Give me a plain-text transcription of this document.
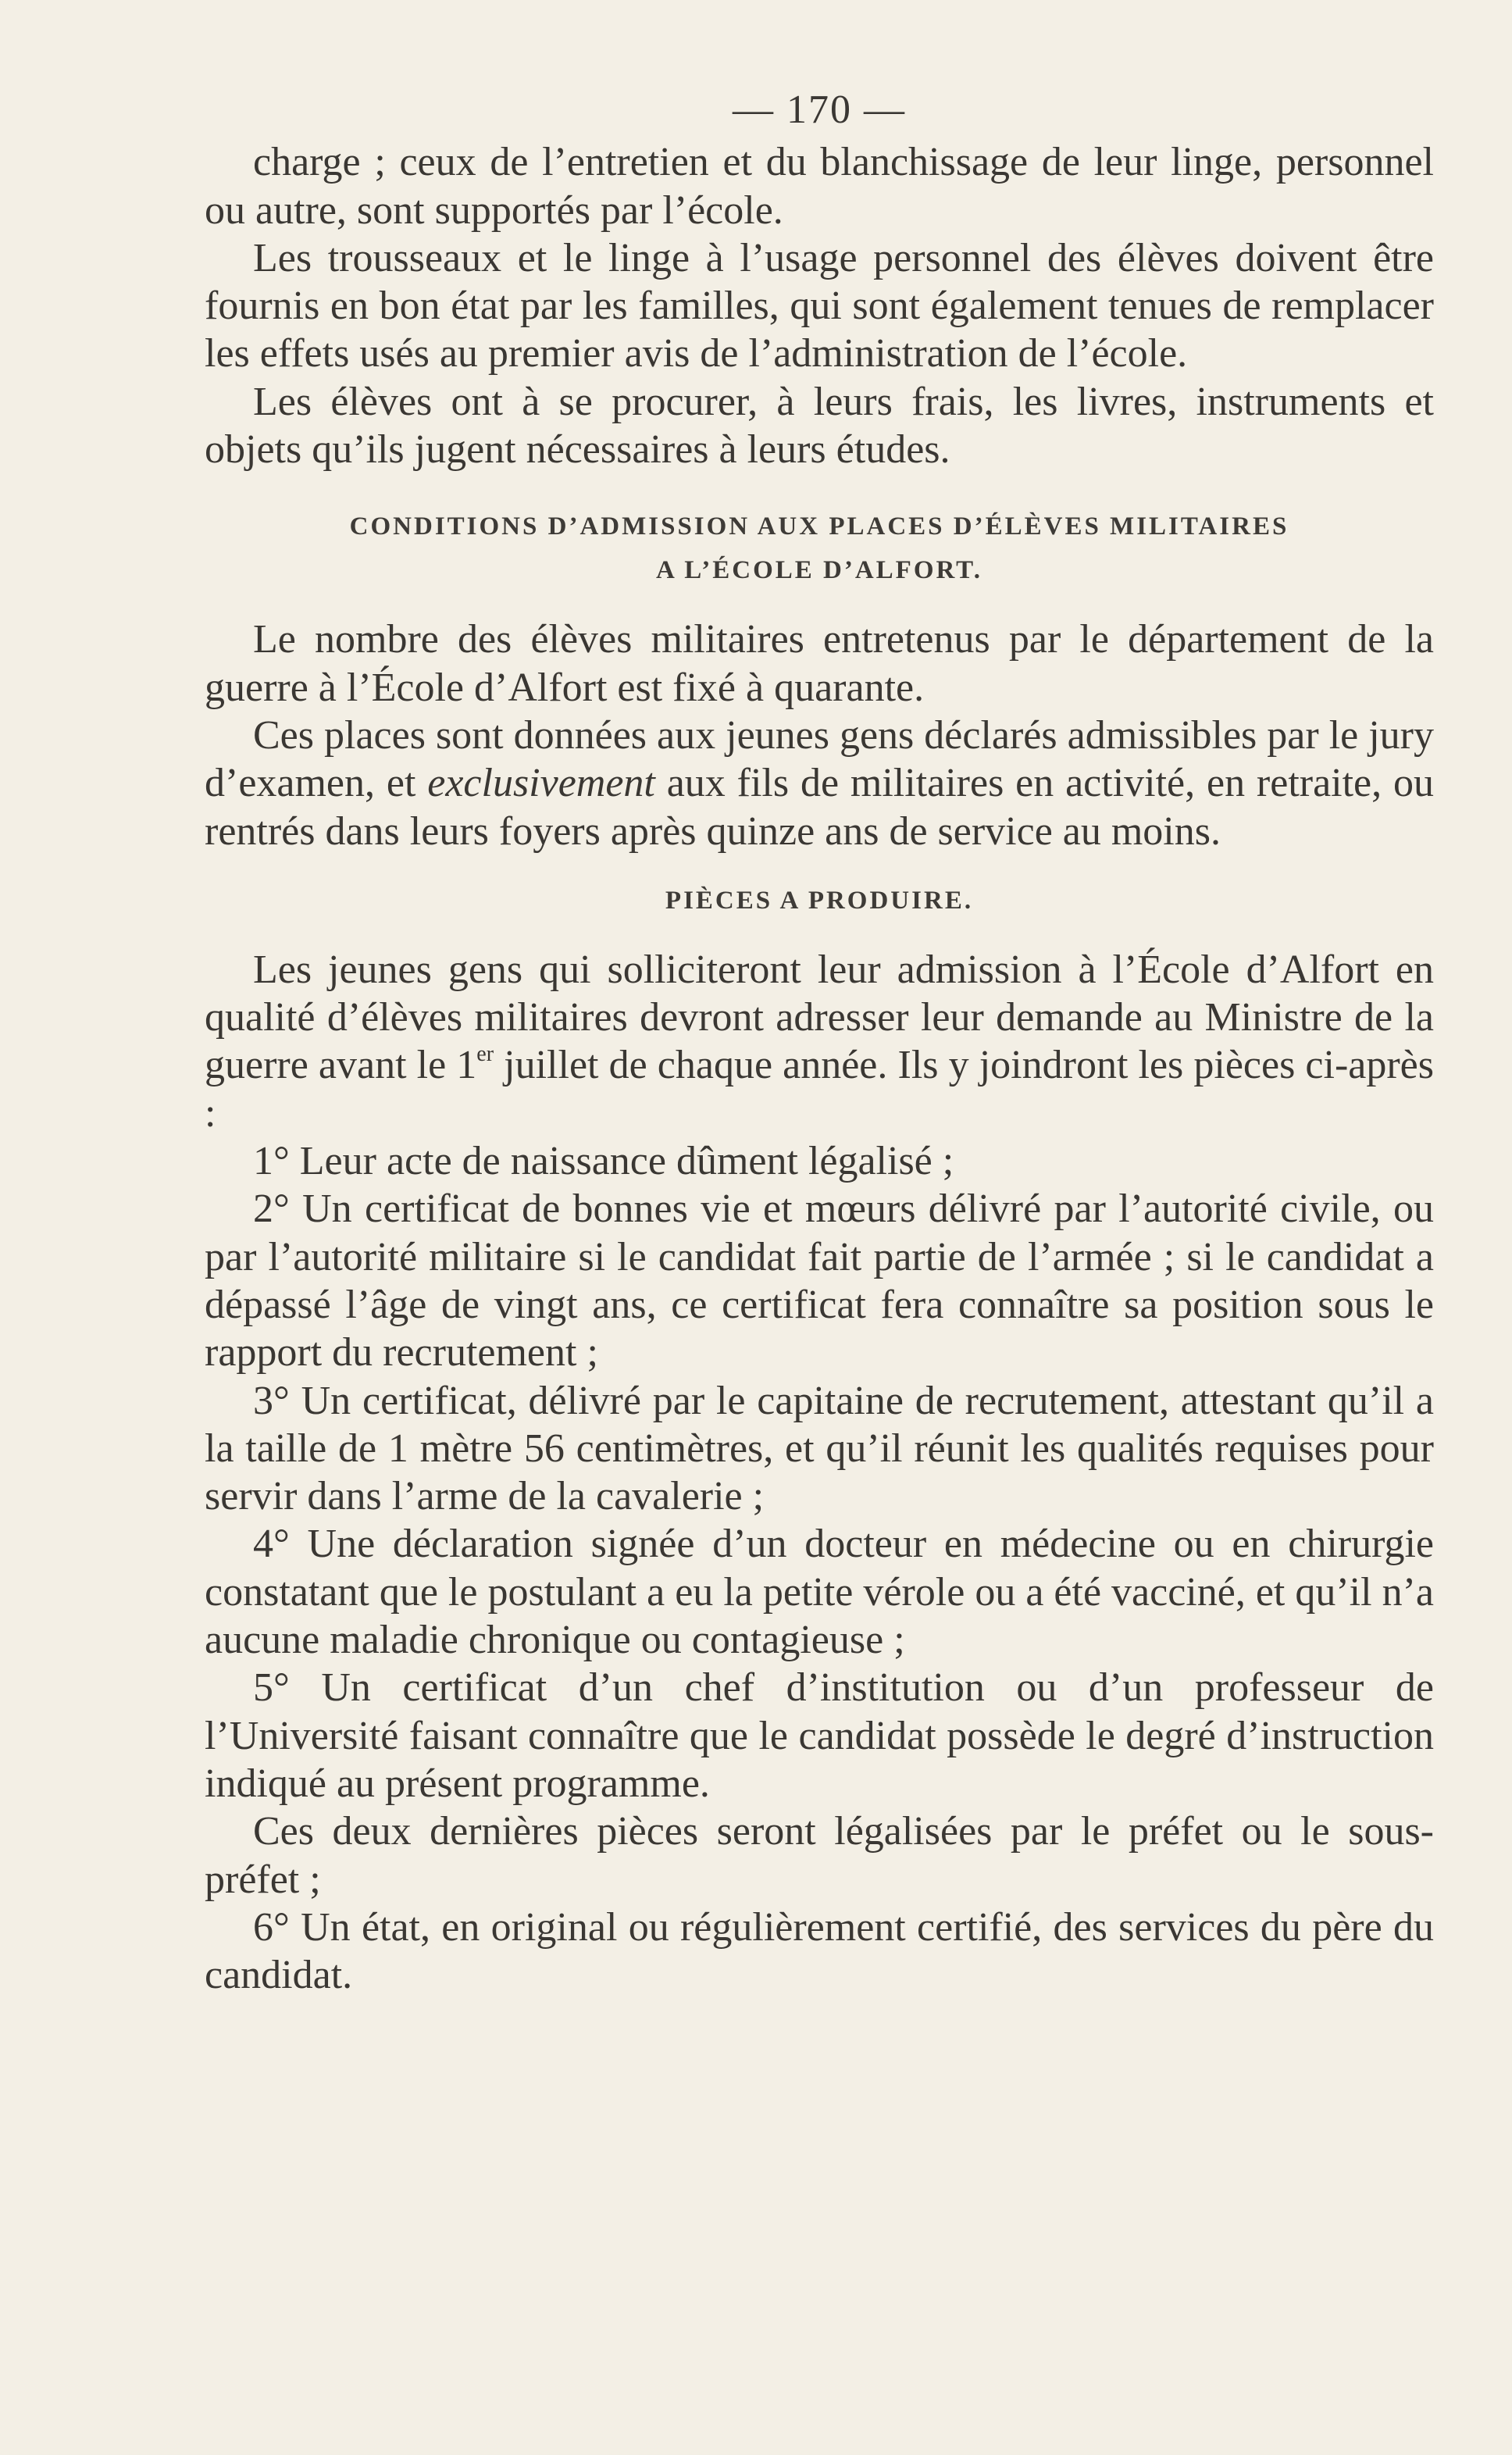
— 170 —

charge ; ceux de l’entretien et du blanchissage de leur linge, personnel ou autre, sont supportés par l’école.

Les trousseaux et le linge à l’usage personnel des élèves doivent être fournis en bon état par les familles, qui sont également tenues de remplacer les effets usés au premier avis de l’administration de l’école.

Les élèves ont à se procurer, à leurs frais, les livres, instruments et objets qu’ils jugent nécessaires à leurs études.

CONDITIONS D’ADMISSION AUX PLACES D’ÉLÈVES MILITAIRES
A L’ÉCOLE D’ALFORT.

Le nombre des élèves militaires entretenus par le département de la guerre à l’École d’Alfort est fixé à quarante.

Ces places sont données aux jeunes gens déclarés admissibles par le jury d’examen, et exclusivement aux fils de militaires en activité, en retraite, ou rentrés dans leurs foyers après quinze ans de service au moins.

PIÈCES A PRODUIRE.

Les jeunes gens qui solliciteront leur admission à l’École d’Alfort en qualité d’élèves militaires devront adresser leur demande au Ministre de la guerre avant le 1er juillet de chaque année. Ils y joindront les pièces ci-après :

1° Leur acte de naissance dûment légalisé ;

2° Un certificat de bonnes vie et mœurs délivré par l’autorité civile, ou par l’autorité militaire si le candidat fait partie de l’armée ; si le candidat a dépassé l’âge de vingt ans, ce certificat fera connaître sa position sous le rapport du recrutement ;

3° Un certificat, délivré par le capitaine de recrutement, attestant qu’il a la taille de 1 mètre 56 centimètres, et qu’il réunit les qualités requises pour servir dans l’arme de la cavalerie ;

4° Une déclaration signée d’un docteur en médecine ou en chirurgie constatant que le postulant a eu la petite vérole ou a été vacciné, et qu’il n’a aucune maladie chronique ou contagieuse ;

5° Un certificat d’un chef d’institution ou d’un professeur de l’Université faisant connaître que le candidat possède le degré d’instruction indiqué au présent programme.

Ces deux dernières pièces seront légalisées par le préfet ou le sous-préfet ;

6° Un état, en original ou régulièrement certifié, des services du père du candidat.
